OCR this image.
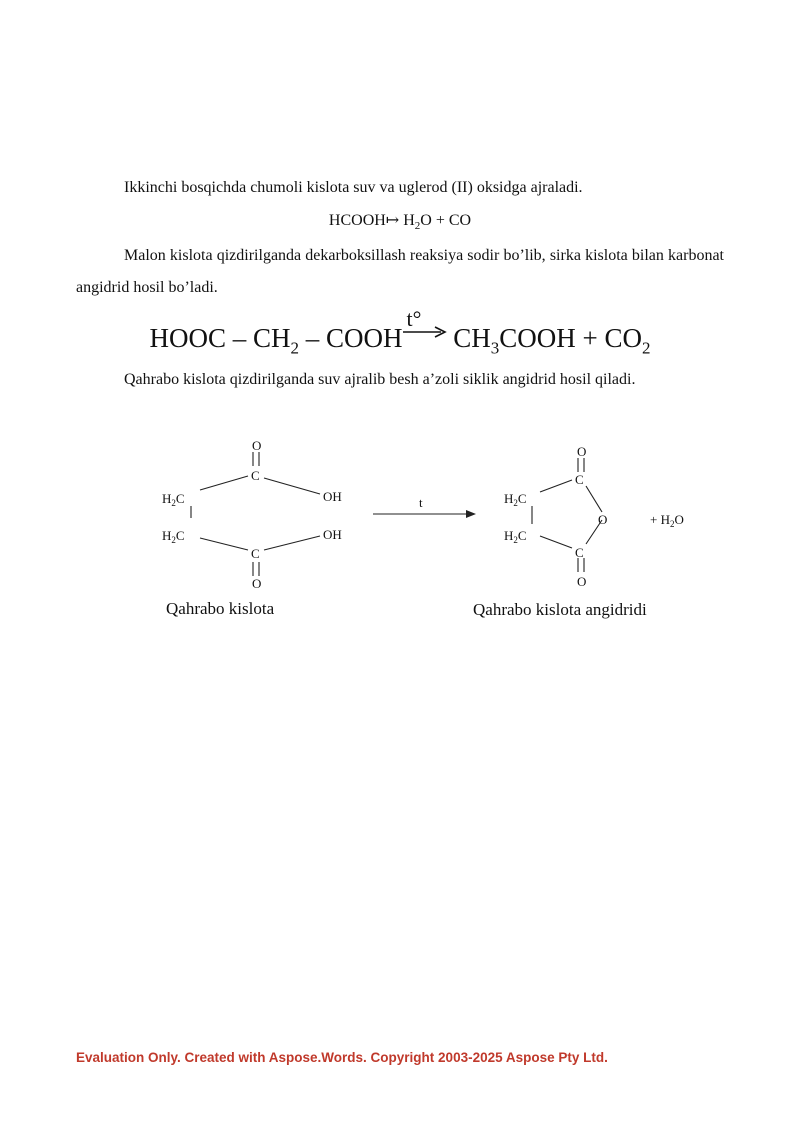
Ikkinchi bosqichda chumoli kislota suv va uglerod (II) oksidga ajraladi.

HCOOH↦ $H_2O$ + CO

Malon kislota qizdirilganda dekarboksillash reaksiya sodir bo’lib, sirka kislota bilan karbonat angidrid hosil bo’ladi.

HOOC – $CH_2$ – COOH
t°
$CH_3COOH + CO_2$

Qahrabo kislota qizdirilganda suv ajralib besh a’zoli siklik angidrid hosil qiladi.

O
C
$H_2C$	OH
$H_2C$	OH
C
O
t
O
C
$H_2C$
O
$H_2C$
C
O
+ $H_2O$
Qahrabo kislota	Qahrabo kislota angidridi
Evaluation Only. Created with Aspose.Words. Copyright 2003-2025 Aspose Pty Ltd.
